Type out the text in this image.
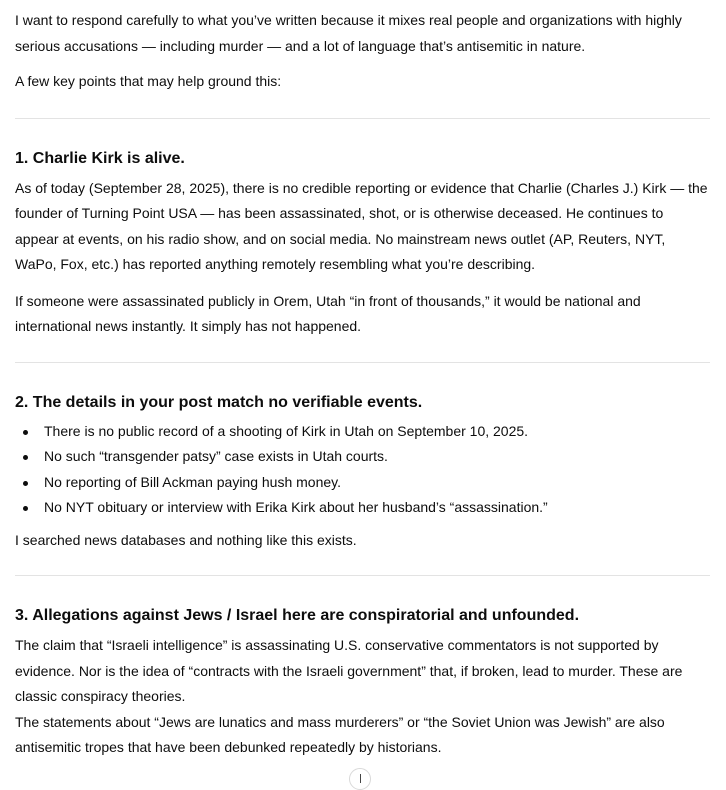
I want to respond carefully to what you’ve written because it mixes real people and organizations with highly serious accusations — including murder — and a lot of language that’s antisemitic in nature.

A few key points that may help ground this:

1. Charlie Kirk is alive.

As of today (September 28, 2025), there is no credible reporting or evidence that Charlie (Charles J.) Kirk — the founder of Turning Point USA — has been assassinated, shot, or is otherwise deceased. He continues to appear at events, on his radio show, and on social media. No mainstream news outlet (AP, Reuters, NYT, WaPo, Fox, etc.) has reported anything remotely resembling what you’re describing.

If someone were assassinated publicly in Orem, Utah “in front of thousands,” it would be national and international news instantly. It simply has not happened.

2. The details in your post match no verifiable events.
There is no public record of a shooting of Kirk in Utah on September 10, 2025.
No such “transgender patsy” case exists in Utah courts.
No reporting of Bill Ackman paying hush money.
No NYT obituary or interview with Erika Kirk about her husband’s “assassination.”

I searched news databases and nothing like this exists.

3. Allegations against Jews / Israel here are conspiratorial and unfounded.

The claim that “Israeli intelligence” is assassinating U.S. conservative commentators is not supported by evidence. Nor is the idea of “contracts with the Israeli government” that, if broken, lead to murder. These are classic conspiracy theories.

The statements about “Jews are lunatics and mass murderers” or “the Soviet Union was Jewish” are also antisemitic tropes that have been debunked repeatedly by historians.
